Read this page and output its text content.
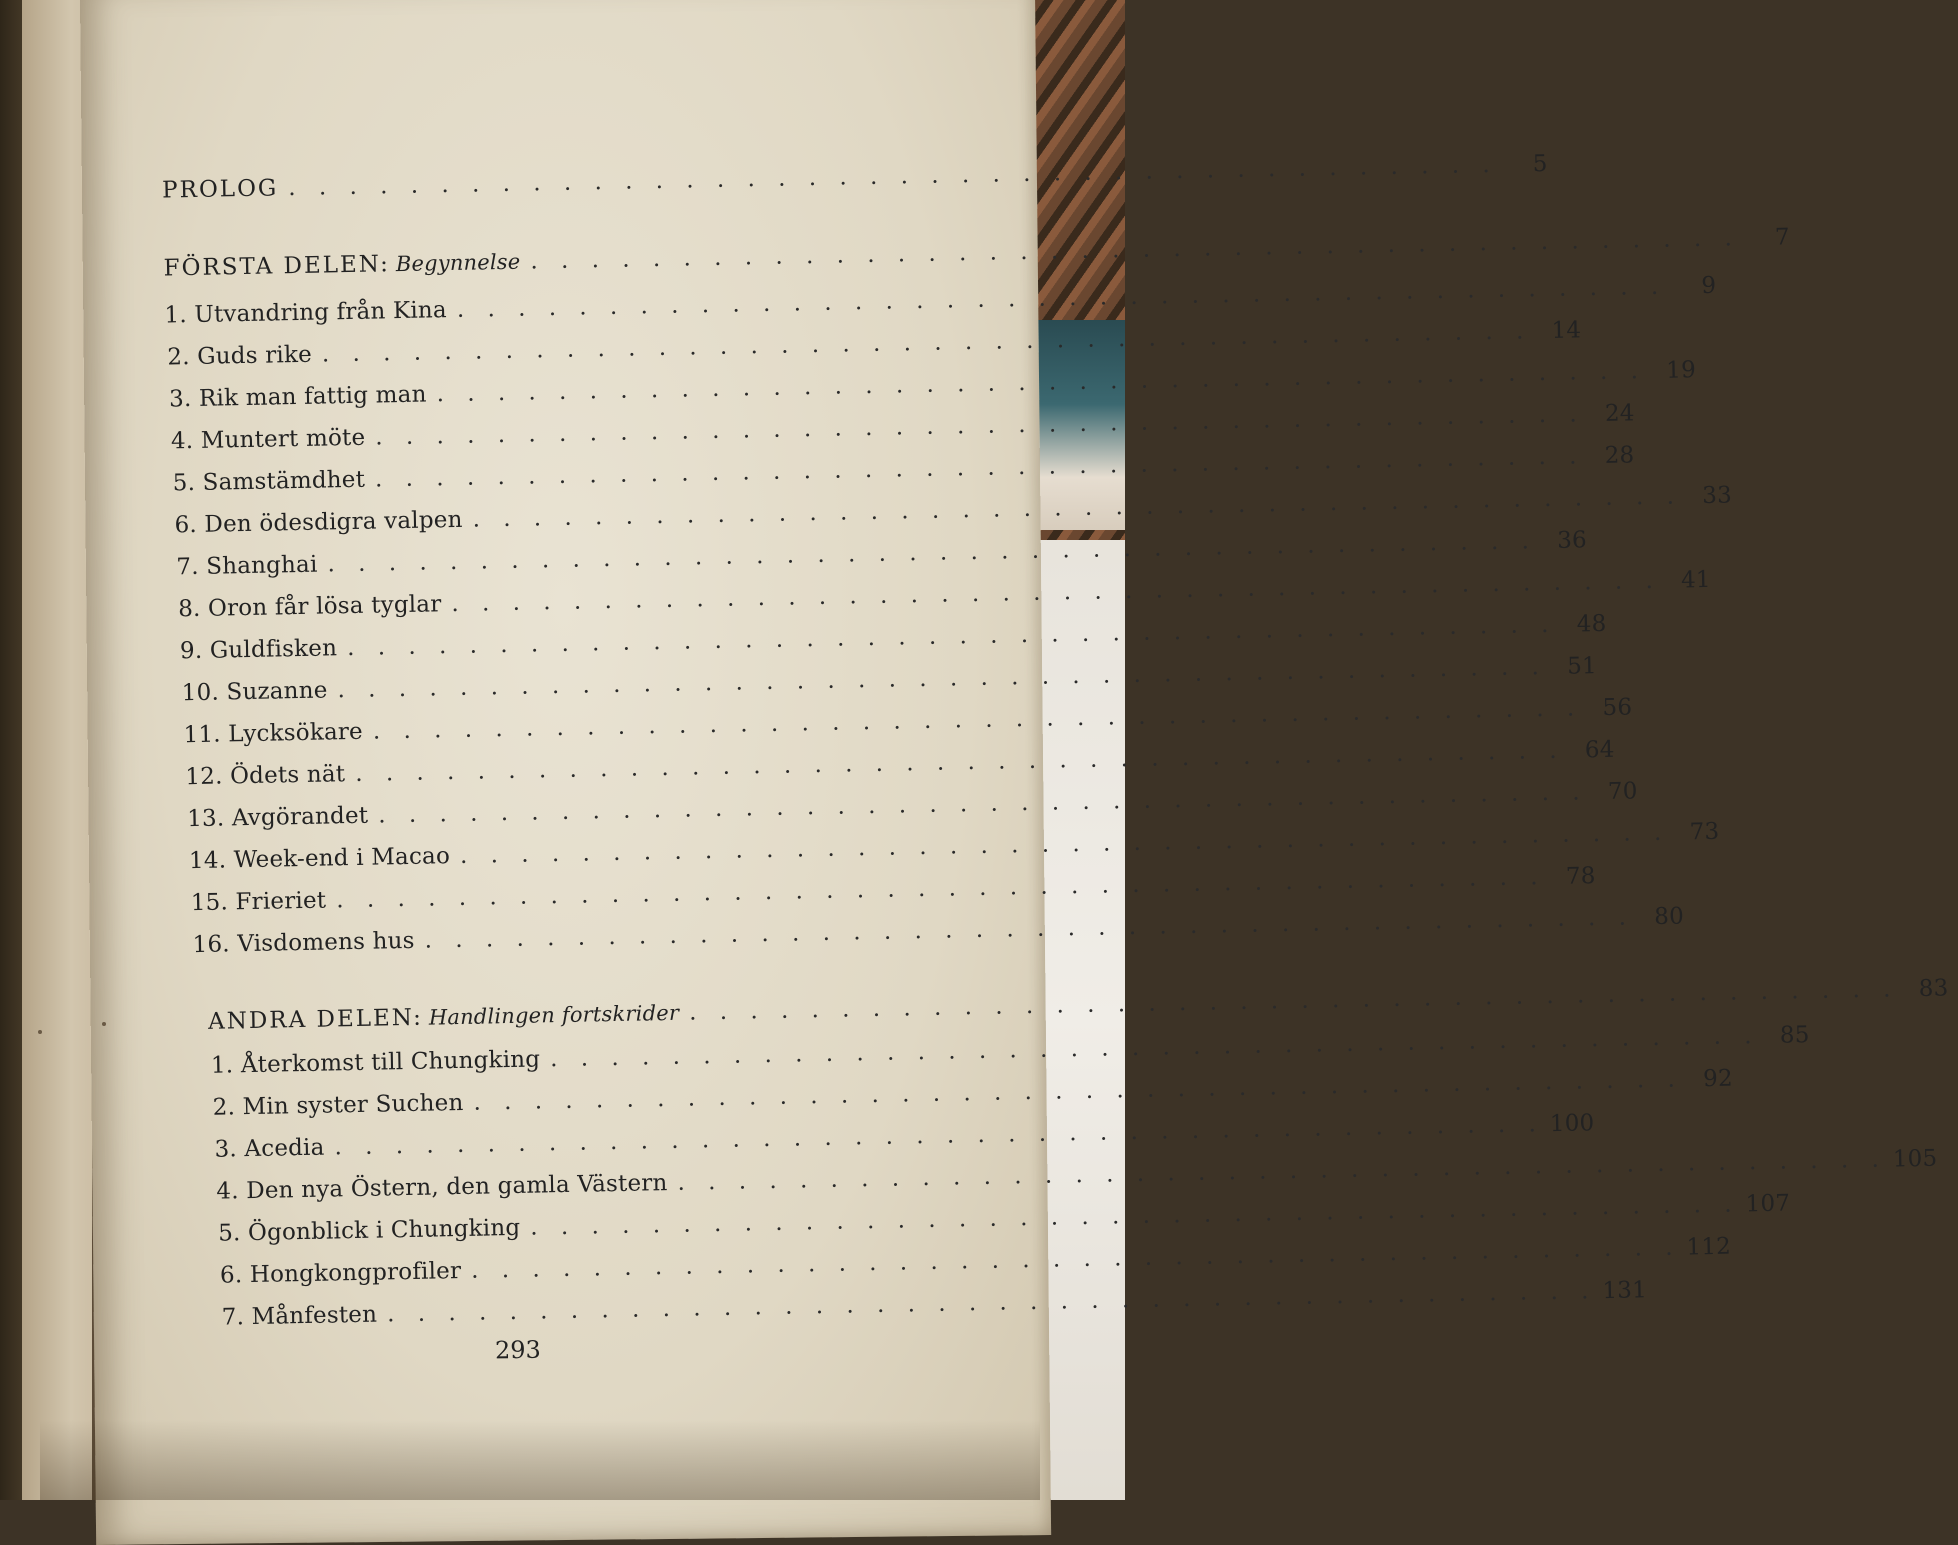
PROLOG . . . . . . . . . . . . . . . . . . . . . . . . . . . . . . . . . . . . . . . .	5
FÖRSTA DELEN: Begynnelse . . . . . . . . . . . . . . . . . . . . . . . . . . . . . . . . . . . . . . . .	7
1. Utvandring från Kina . . . . . . . . . . . . . . . . . . . . . . . . . . . . . . . . . . . . . . . .	9
2. Guds rike . . . . . . . . . . . . . . . . . . . . . . . . . . . . . . . . . . . . . . . . 14
3. Rik man fattig man . . . . . . . . . . . . . . . . . . . . . . . . . . . . . . . . . . . . . . . . 19
4. Muntert möte . . . . . . . . . . . . . . . . . . . . . . . . . . . . . . . . . . . . . . . . 24
5. Samstämdhet . . . . . . . . . . . . . . . . . . . . . . . . . . . . . . . . . . . . . . . . 28
6. Den ödesdigra valpen . . . . . . . . . . . . . . . . . . . . . . . . . . . . . . . . . . . . . . . . 33
7. Shanghai . . . . . . . . . . . . . . . . . . . . . . . . . . . . . . . . . . . . . . . . 36
8. Oron får lösa tyglar . . . . . . . . . . . . . . . . . . . . . . . . . . . . . . . . . . . . . . . . 41
9. Guldfisken . . . . . . . . . . . . . . . . . . . . . . . . . . . . . . . . . . . . . . . . 48
10. Suzanne . . . . . . . . . . . . . . . . . . . . . . . . . . . . . . . . . . . . . . . . 51
11. Lycksökare . . . . . . . . . . . . . . . . . . . . . . . . . . . . . . . . . . . . . . . . 56
12. Ödets nät . . . . . . . . . . . . . . . . . . . . . . . . . . . . . . . . . . . . . . . . 64
13. Avgörandet . . . . . . . . . . . . . . . . . . . . . . . . . . . . . . . . . . . . . . . . 70
14. Week-end i Macao . . . . . . . . . . . . . . . . . . . . . . . . . . . . . . . . . . . . . . . . 73
15. Frieriet . . . . . . . . . . . . . . . . . . . . . . . . . . . . . . . . . . . . . . . . 78
16. Visdomens hus . . . . . . . . . . . . . . . . . . . . . . . . . . . . . . . . . . . . . . . . 80
ANDRA DELEN: Handlingen fortskrider . . . . . . . . . . . . . . . . . . . . . . . . . . . . . . . . . . . . . . . . 83
1. Återkomst till Chungking . . . . . . . . . . . . . . . . . . . . . . . . . . . . . . . . . . . . . . . . 85
2. Min syster Suchen . . . . . . . . . . . . . . . . . . . . . . . . . . . . . . . . . . . . . . . . 92
3. Acedia . . . . . . . . . . . . . . . . . . . . . . . . . . . . . . . . . . . . . . . . 100
4. Den nya Östern, den gamla Västern . . . . . . . . . . . . . . . . . . . . . . . . . . . . . . . . . . . . . . . . 105
5. Ögonblick i Chungking . . . . . . . . . . . . . . . . . . . . . . . . . . . . . . . . . . . . . . . . 107
6. Hongkongprofiler . . . . . . . . . . . . . . . . . . . . . . . . . . . . . . . . . . . . . . . . 112
7. Månfesten . . . . . . . . . . . . . . . . . . . . . . . . . . . . . . . . . . . . . . . . 131
293
